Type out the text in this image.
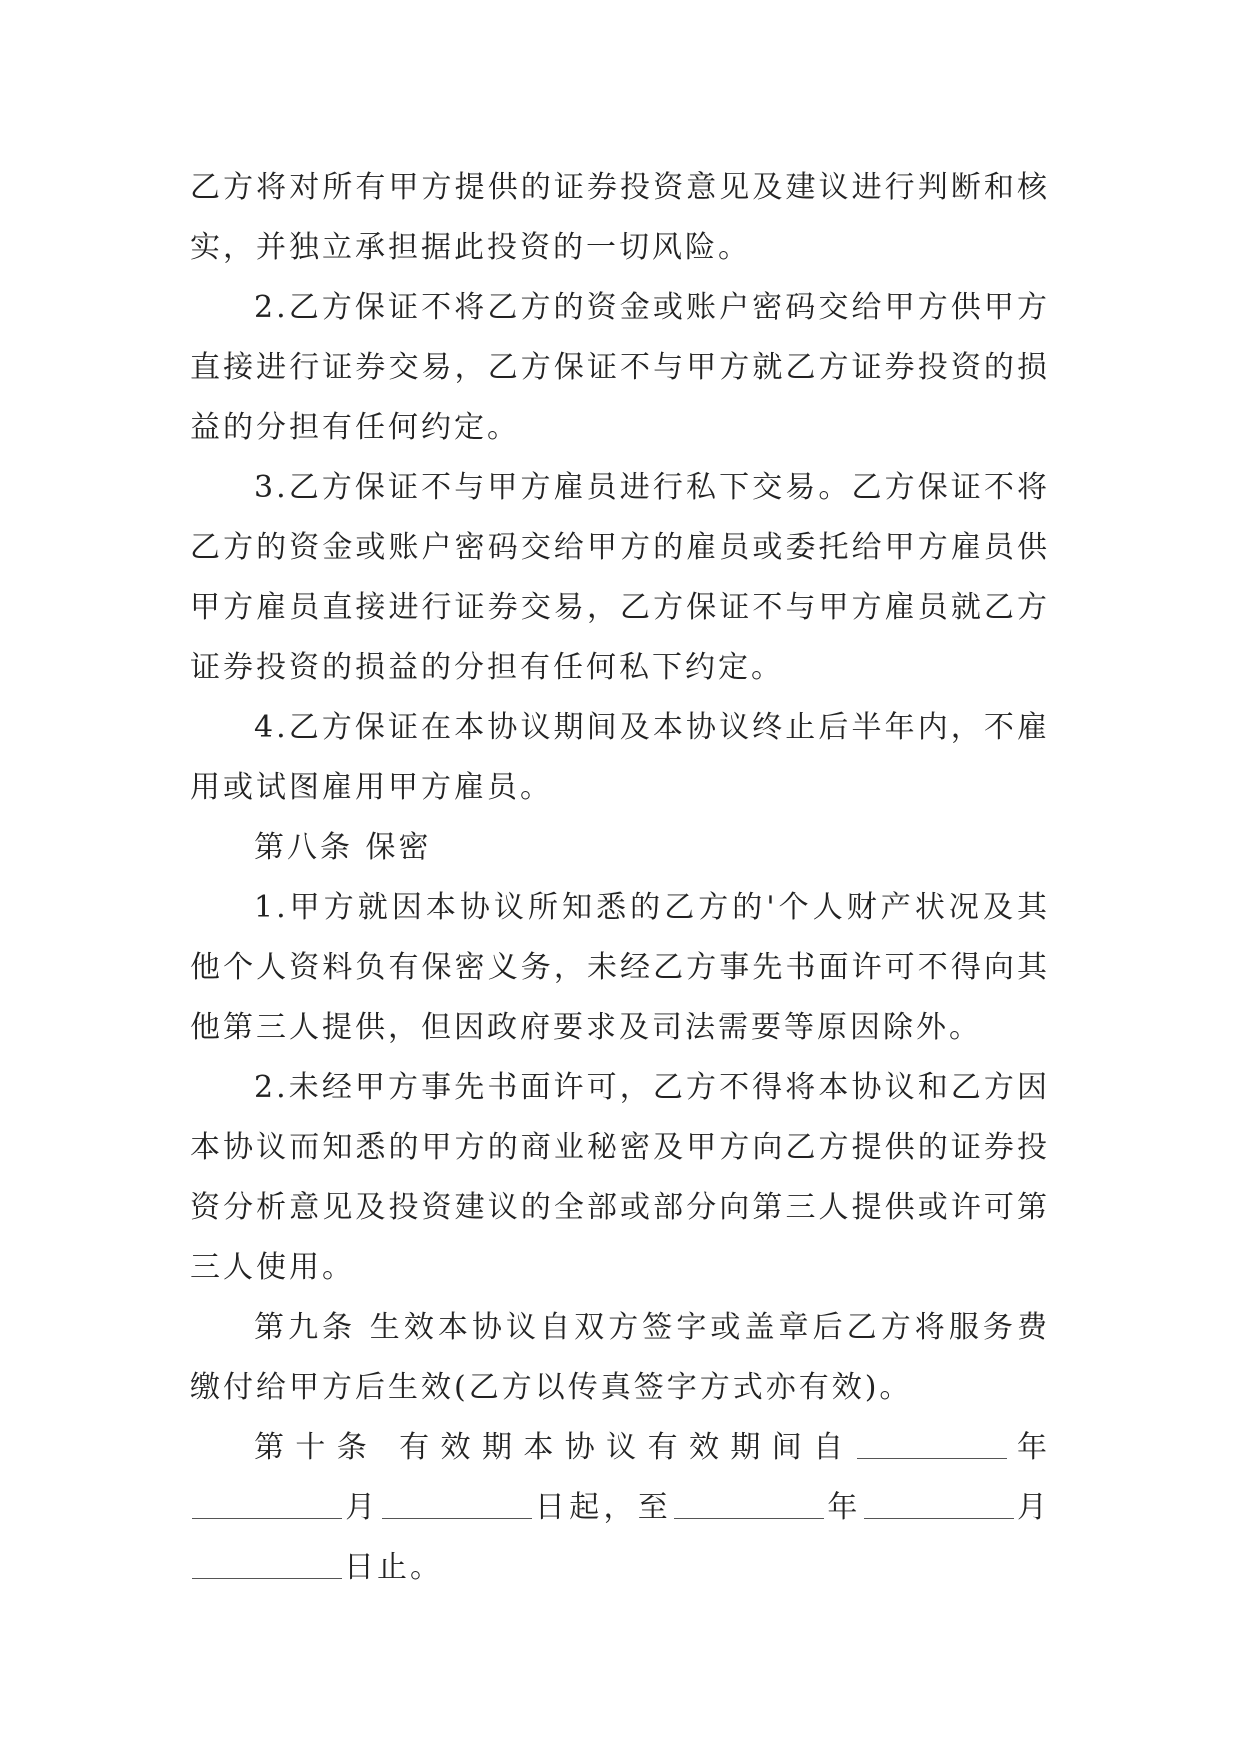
乙方将对所有甲方提供的证券投资意见及建议进行判断和核实，并独立承担据此投资的一切风险。

2.乙方保证不将乙方的资金或账户密码交给甲方供甲方直接进行证券交易，乙方保证不与甲方就乙方证券投资的损益的分担有任何约定。

3.乙方保证不与甲方雇员进行私下交易。乙方保证不将乙方的资金或账户密码交给甲方的雇员或委托给甲方雇员供甲方雇员直接进行证券交易，乙方保证不与甲方雇员就乙方证券投资的损益的分担有任何私下约定。

4.乙方保证在本协议期间及本协议终止后半年内，不雇用或试图雇用甲方雇员。

第八条 保密

1.甲方就因本协议所知悉的乙方的'个人财产状况及其他个人资料负有保密义务，未经乙方事先书面许可不得向其他第三人提供，但因政府要求及司法需要等原因除外。

2.未经甲方事先书面许可，乙方不得将本协议和乙方因本协议而知悉的甲方的商业秘密及甲方向乙方提供的证券投资分析意见及投资建议的全部或部分向第三人提供或许可第三人使用。

第九条 生效本协议自双方签字或盖章后乙方将服务费缴付给甲方后生效(乙方以传真签字方式亦有效)。

第十条 有效期本协议有效期间自	年月	日起，至	年	月日止。
